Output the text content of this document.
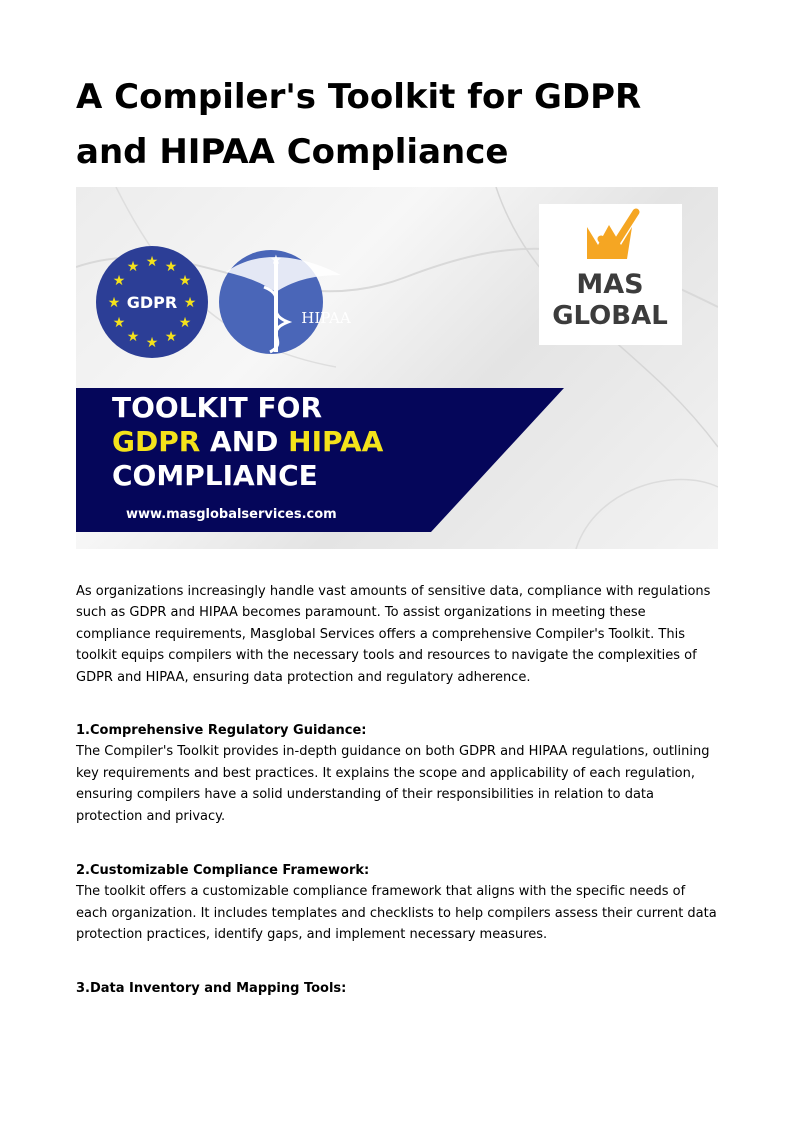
A Compiler's Toolkit for GDPR and HIPAA Compliance
★ ★
★
★
★
★
★
★
★
★
★
★
GDPR
★
HIPAA
MAS
GLOBAL
TOOLKIT FOR
GDPR AND HIPAA
COMPLIANCE
www.masglobalservices.com

As organizations increasingly handle vast amounts of sensitive data, compliance with regulations such as GDPR and HIPAA becomes paramount. To assist organizations in meeting these compliance requirements, Masglobal Services offers a comprehensive Compiler's Toolkit. This toolkit equips compilers with the necessary tools and resources to navigate the complexities of GDPR and HIPAA, ensuring data protection and regulatory adherence.

1.Comprehensive Regulatory Guidance:

The Compiler's Toolkit provides in-depth guidance on both GDPR and HIPAA regulations, outlining key requirements and best practices. It explains the scope and applicability of each regulation, ensuring compilers have a solid understanding of their responsibilities in relation to data protection and privacy.

2.Customizable Compliance Framework:

The toolkit offers a customizable compliance framework that aligns with the specific needs of each organization. It includes templates and checklists to help compilers assess their current data protection practices, identify gaps, and implement necessary measures.

3.Data Inventory and Mapping Tools:
